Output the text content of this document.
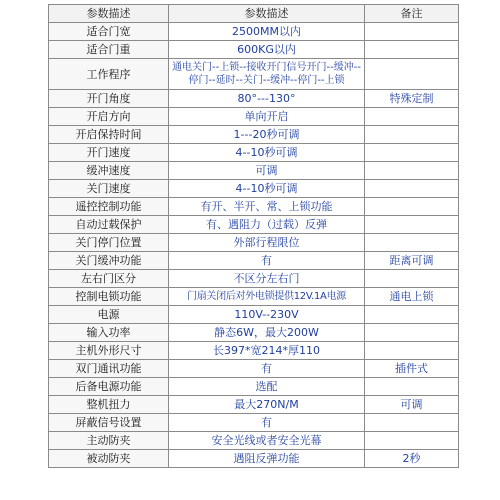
参数描述	参数描述	备注
适合门宽	2500MM以内	
适合门重	600KG以内	
工作程序	通电关门--上锁--接收开门信号开门--缓冲--停门--延时--关门--缓冲--停门--上锁	
开门角度	80°---130°	特殊定制
开启方向	单向开启	
开启保持时间	1---20秒可调	
开门速度	4--10秒可调	
缓冲速度	可调	
关门速度	4--10秒可调	
遥控控制功能	有开、半开、常、上锁功能	
自动过载保护	有、遇阻力（过载）反弹	
关门停门位置	外部行程限位	
关门缓冲功能	有	距离可调
左右门区分	不区分左右门	
控制电锁功能	门扇关闭后对外电锁提供12V.1A电源	通电上锁
电源	110V--230V	
输入功率	静态6W，最大200W	
主机外形尺寸	长397*宽214*厚110	
双门通讯功能	有	插件式
后备电源功能	选配	
整机扭力	最大270N/M	可调
屏蔽信号设置	有	
主动防夹	安全光线或者安全光幕	
被动防夹	遇阻反弹功能	2秒
